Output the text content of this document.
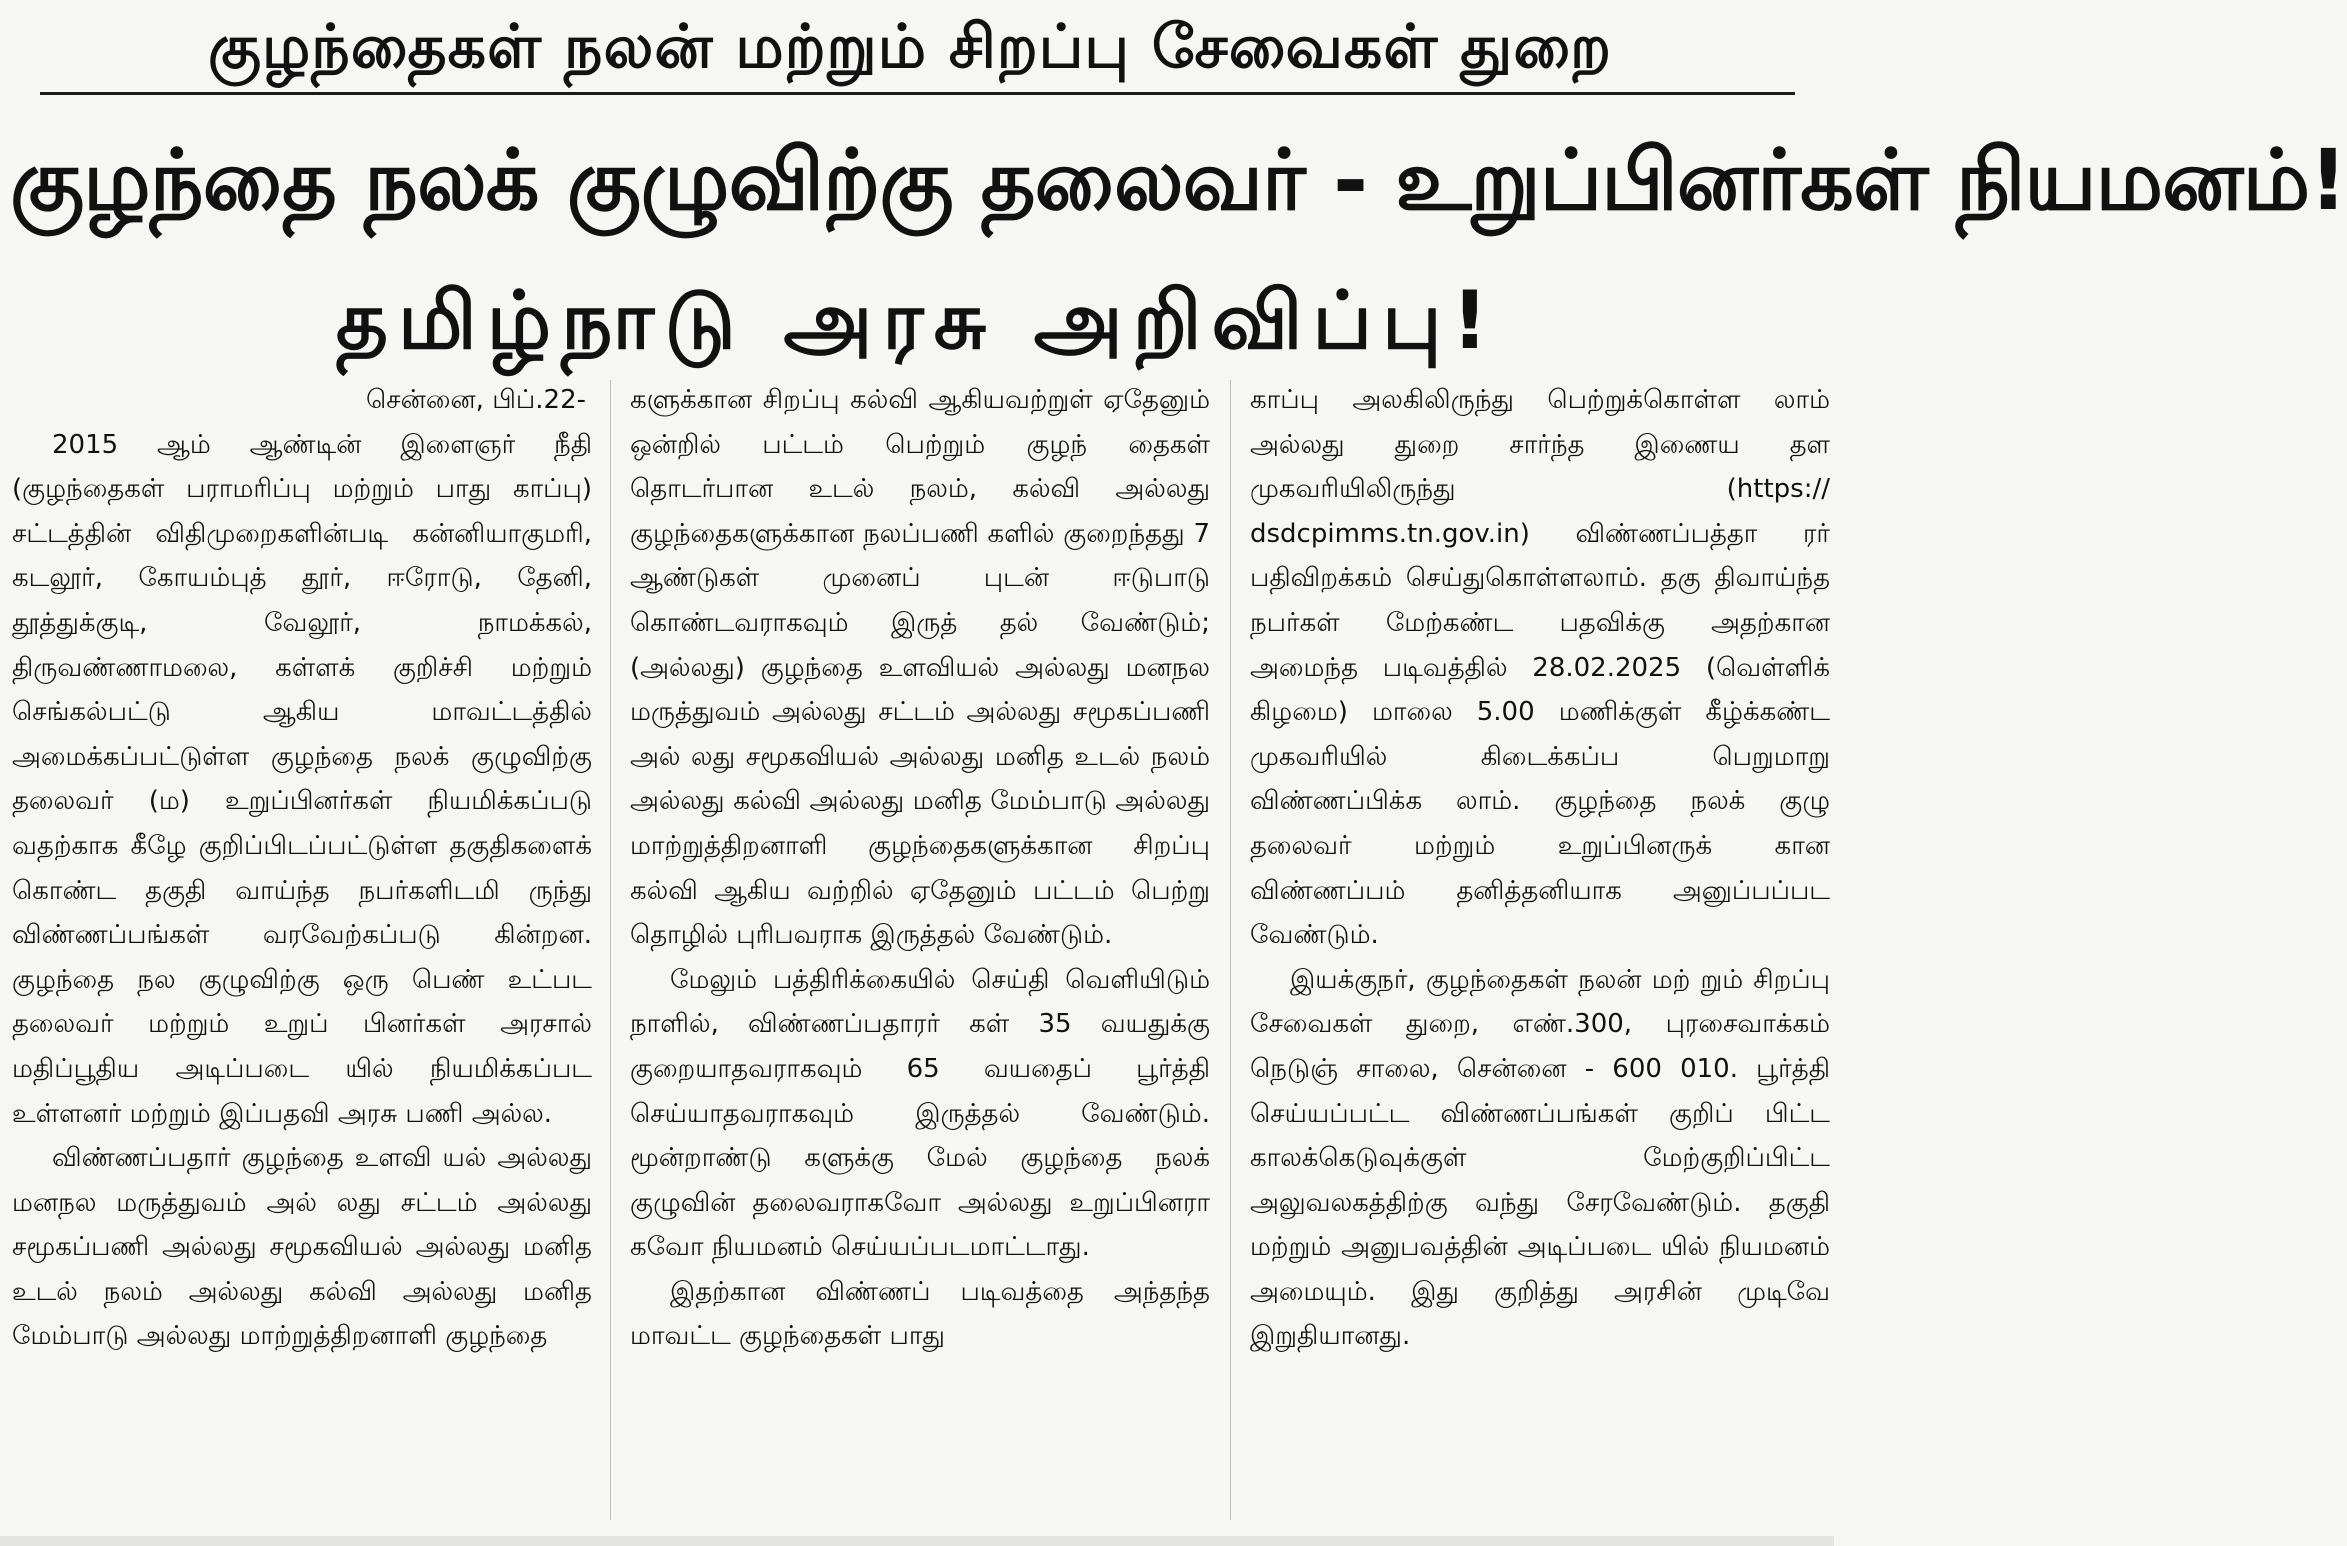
குழந்தைகள் நலன் மற்றும் சிறப்பு சேவைகள் துறை
குழந்தை நலக் குழுவிற்கு தலைவர் - உறுப்பினர்கள் நியமனம்!
தமிழ்நாடு அரசு அறிவிப்பு!

சென்னை, பிப்.22-

2015 ஆம் ஆண்டின் இளைஞர் நீதி (குழந்தைகள் பராமரிப்பு மற்றும் பாது காப்பு) சட்டத்தின் விதிமுறைகளின்படி கன்னியாகுமரி, கடலூர், கோயம்புத் தூர், ஈரோடு, தேனி, தூத்துக்குடி, வேலூர், நாமக்கல், திருவண்ணாமலை, கள்ளக் குறிச்சி மற்றும் செங்கல்பட்டு ஆகிய மாவட்டத்தில் அமைக்கப்பட்டுள்ள குழந்தை நலக் குழுவிற்கு தலைவர் (ம) உறுப்பினர்கள் நியமிக்கப்படு வதற்காக கீழே குறிப்பிடப்பட்டுள்ள தகுதிகளைக் கொண்ட தகுதி வாய்ந்த நபர்களிடமி ருந்து விண்ணப்பங்கள் வரவேற்கப்படு கின்றன. குழந்தை நல குழுவிற்கு ஒரு பெண் உட்பட தலைவர் மற்றும் உறுப் பினர்கள் அரசால் மதிப்பூதிய அடிப்படை யில் நியமிக்கப்பட உள்ளனர் மற்றும் இப்பதவி அரசு பணி அல்ல.

விண்ணப்பதார் குழந்தை உளவி யல் அல்லது மனநல மருத்துவம் அல் லது சட்டம் அல்லது சமூகப்பணி அல்லது சமூகவியல் அல்லது மனித உடல் நலம் அல்லது கல்வி அல்லது மனித மேம்பாடு அல்லது மாற்றுத்திறனாளி குழந்தை

களுக்கான சிறப்பு கல்வி ஆகியவற்றுள் ஏதேனும் ஒன்றில் பட்டம் பெற்றும் குழந் தைகள் தொடர்பான உடல் நலம், கல்வி அல்லது குழந்தைகளுக்கான நலப்பணி களில் குறைந்தது 7 ஆண்டுகள் முனைப் புடன் ஈடுபாடு கொண்டவராகவும் இருத் தல் வேண்டும்; (அல்லது) குழந்தை உளவியல் அல்லது மனநல மருத்துவம் அல்லது சட்டம் அல்லது சமூகப்பணி அல் லது சமூகவியல் அல்லது மனித உடல் நலம் அல்லது கல்வி அல்லது மனித மேம்பாடு அல்லது மாற்றுத்திறனாளி குழந்தைகளுக்கான சிறப்பு கல்வி ஆகிய வற்றில் ஏதேனும் பட்டம் பெற்று தொழில் புரிபவராக இருத்தல் வேண்டும்.

மேலும் பத்திரிக்கையில் செய்தி வெளியிடும் நாளில், விண்ணப்பதாரர் கள் 35 வயதுக்கு குறையாதவராகவும் 65 வயதைப் பூர்த்தி செய்யாதவராகவும் இருத்தல் வேண்டும். மூன்றாண்டு களுக்கு மேல் குழந்தை நலக் குழுவின் தலைவராகவோ அல்லது உறுப்பினரா கவோ நியமனம் செய்யப்படமாட்டாது.

இதற்கான விண்ணப் படிவத்தை அந்தந்த மாவட்ட குழந்தைகள் பாது

காப்பு அலகிலிருந்து பெற்றுக்கொள்ள லாம் அல்லது துறை சார்ந்த இணைய தள முகவரியிலிருந்து (https:// dsdcpimms.tn.gov.in) விண்ணப்பத்தா ரர் பதிவிறக்கம் செய்துகொள்ளலாம். தகு திவாய்ந்த நபர்கள் மேற்கண்ட பதவிக்கு அதற்கான அமைந்த படிவத்தில் 28.02.2025 (வெள்ளிக் கிழமை) மாலை 5.00 மணிக்குள் கீழ்க்கண்ட முகவரியில் கிடைக்கப்ப பெறுமாறு விண்ணப்பிக்க லாம். குழந்தை நலக் குழு தலைவர் மற்றும் உறுப்பினருக் கான விண்ணப்பம் தனித்தனியாக அனுப்பப்பட வேண்டும்.

இயக்குநர், குழந்தைகள் நலன் மற் றும் சிறப்பு சேவைகள் துறை, எண்.300, புரசைவாக்கம் நெடுஞ் சாலை, சென்னை - 600 010. பூர்த்தி செய்யப்பட்ட விண்ணப்பங்கள் குறிப் பிட்ட காலக்கெடுவுக்குள் மேற்குறிப்பிட்ட அலுவலகத்திற்கு வந்து சேரவேண்டும். தகுதி மற்றும் அனுபவத்தின் அடிப்படை யில் நியமனம் அமையும். இது குறித்து அரசின் முடிவே இறுதியானது.
